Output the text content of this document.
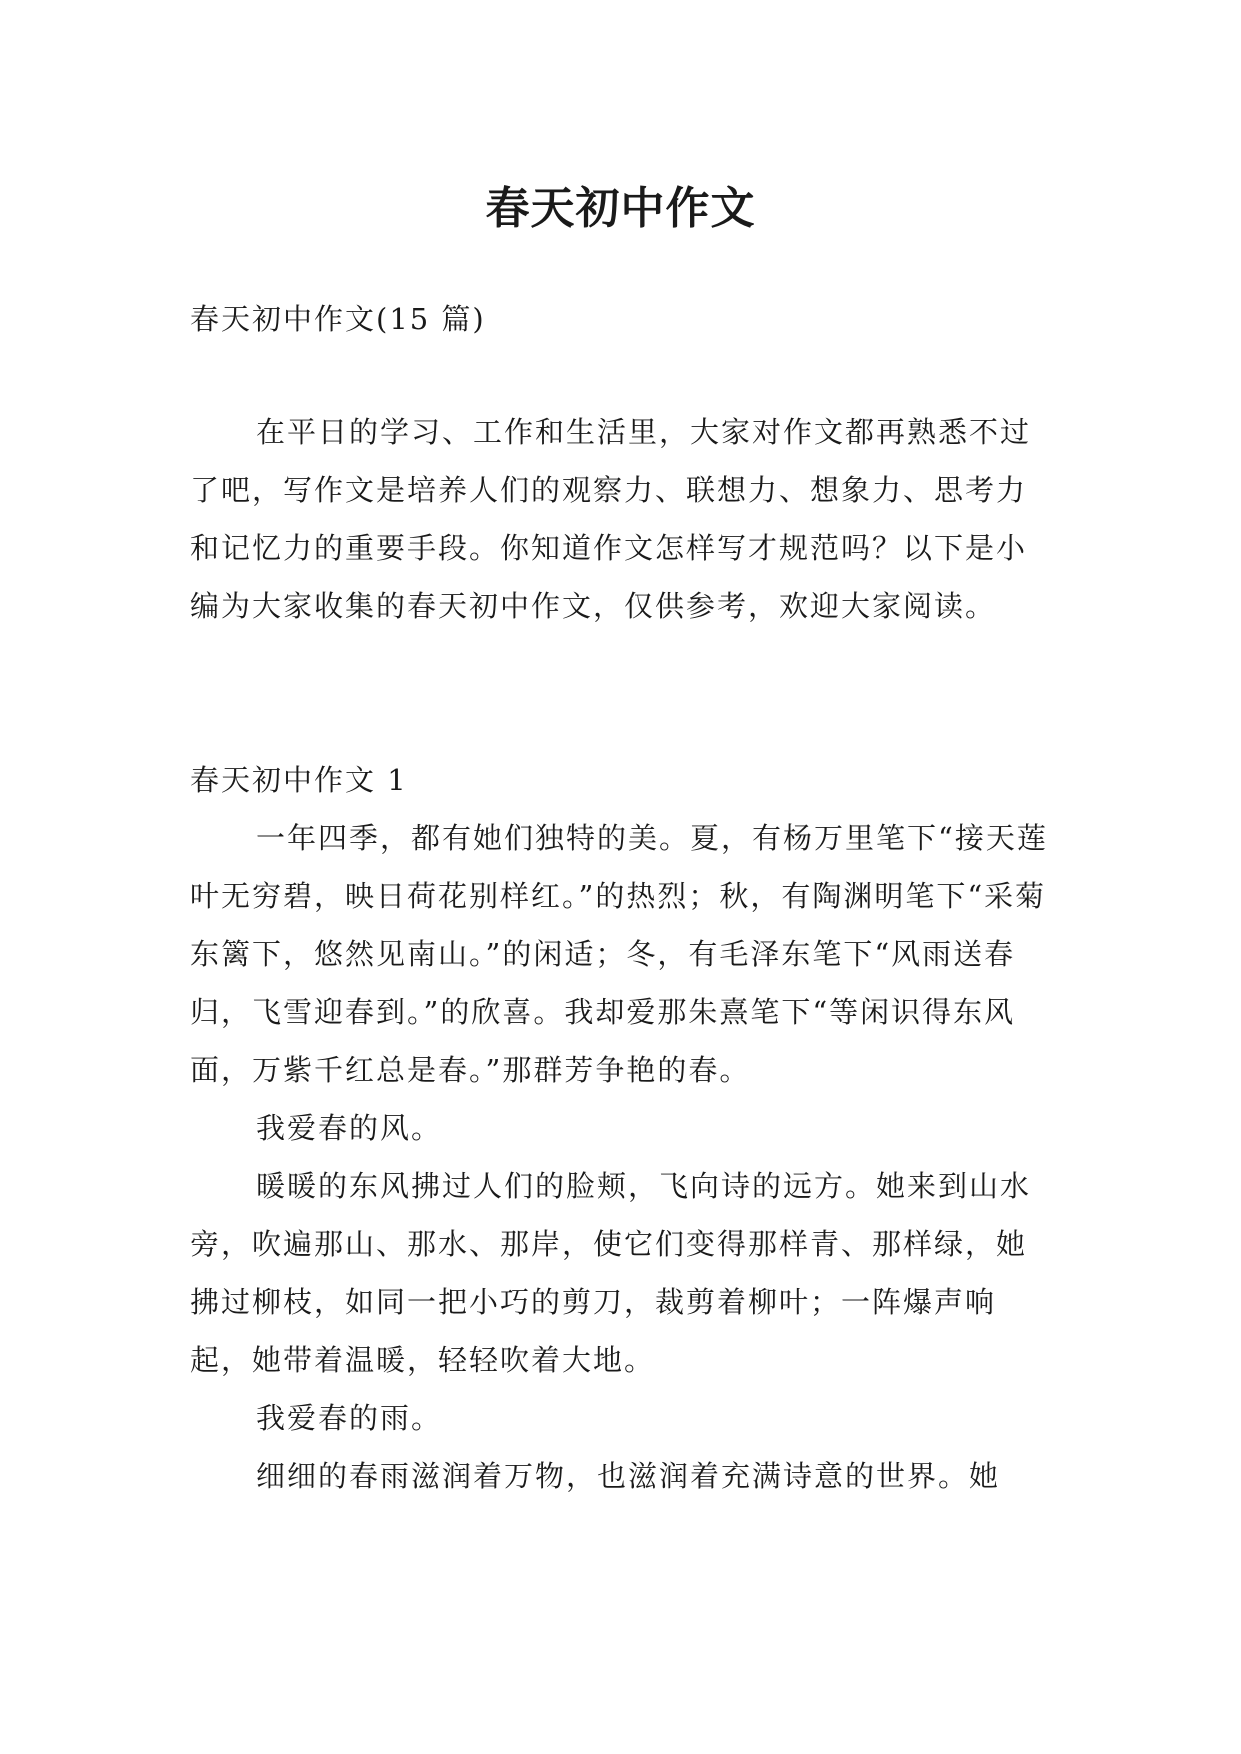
春天初中作文
春天初中作文(15 篇)

在平日的学习、工作和生活里，大家对作文都再熟悉不过了吧，写作文是培养人们的观察力、联想力、想象力、思考力和记忆力的重要手段。你知道作文怎样写才规范吗？以下是小编为大家收集的春天初中作文，仅供参考，欢迎大家阅读。

春天初中作文 1

一年四季，都有她们独特的美。夏，有杨万里笔下“接天莲叶无穷碧，映日荷花别样红。”的热烈；秋，有陶渊明笔下“采菊东篱下，悠然见南山。”的闲适；冬，有毛泽东笔下“风雨送春归，飞雪迎春到。”的欣喜。我却爱那朱熹笔下“等闲识得东风面，万紫千红总是春。”那群芳争艳的春。

我爱春的风。

暖暖的东风拂过人们的脸颊，飞向诗的远方。她来到山水旁，吹遍那山、那水、那岸，使它们变得那样青、那样绿，她拂过柳枝，如同一把小巧的剪刀，裁剪着柳叶；一阵爆声响起，她带着温暖，轻轻吹着大地。

我爱春的雨。

细细的春雨滋润着万物，也滋润着充满诗意的世界。她
